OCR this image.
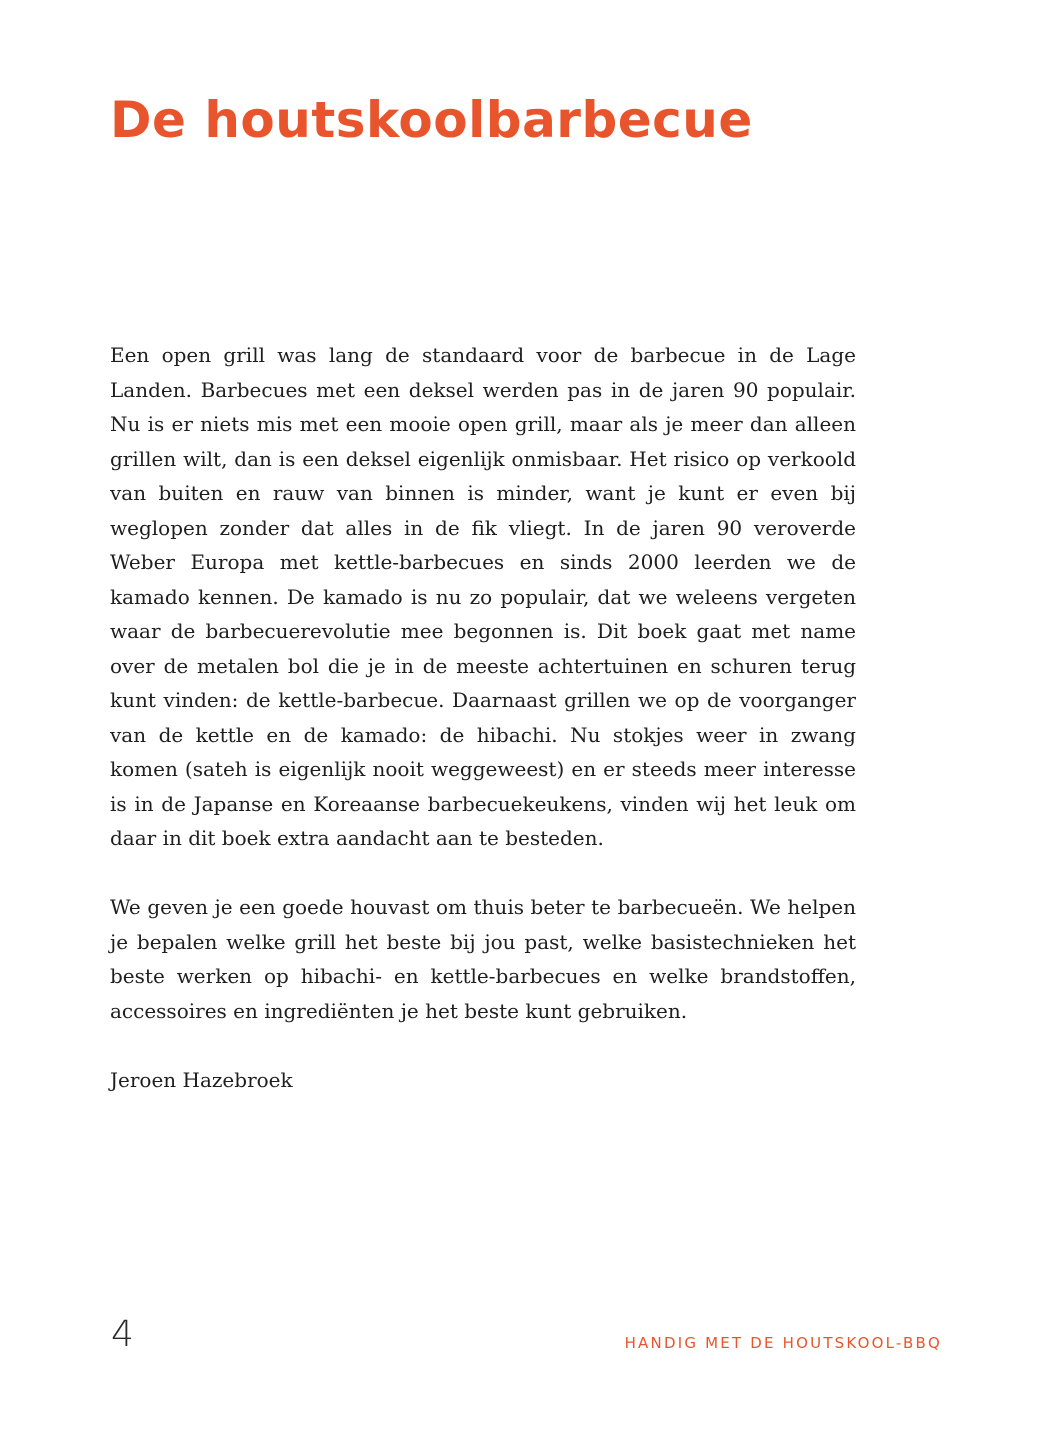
De houtskoolbarbecue

Een open grill was lang de standaard voor de barbecue in de Lage Landen. Barbecues met een deksel werden pas in de jaren 90 populair. Nu is er niets mis met een mooie open grill, maar als je meer dan alleen grillen wilt, dan is een deksel eigenlijk onmisbaar. Het risico op verkoold van buiten en rauw van binnen is minder, want je kunt er even bij weglopen zonder dat alles in de fik vliegt. In de jaren 90 veroverde Weber Europa met kettle-barbecues en sinds 2000 leerden we de kamado kennen. De kamado is nu zo populair, dat we weleens vergeten waar de barbecuerevolutie mee begonnen is. Dit boek gaat met name over de metalen bol die je in de meeste achtertuinen en schuren terug kunt vinden: de kettle-barbecue. Daarnaast grillen we op de voorganger van de kettle en de kamado: de hibachi. Nu stokjes weer in zwang komen (sateh is eigenlijk nooit weggeweest) en er steeds meer interesse is in de Japanse en Koreaanse barbecuekeukens, vinden wij het leuk om daar in dit boek extra aandacht aan te besteden.

We geven je een goede houvast om thuis beter te barbecueën. We helpen je bepalen welke grill het beste bij jou past, welke basistechnieken het beste werken op hibachi- en kettle-barbecues en welke brandstoffen, accessoires en ingrediënten je het beste kunt gebruiken.

Jeroen Hazebroek

4	HANDIG MET DE HOUTSKOOL-BBQ
